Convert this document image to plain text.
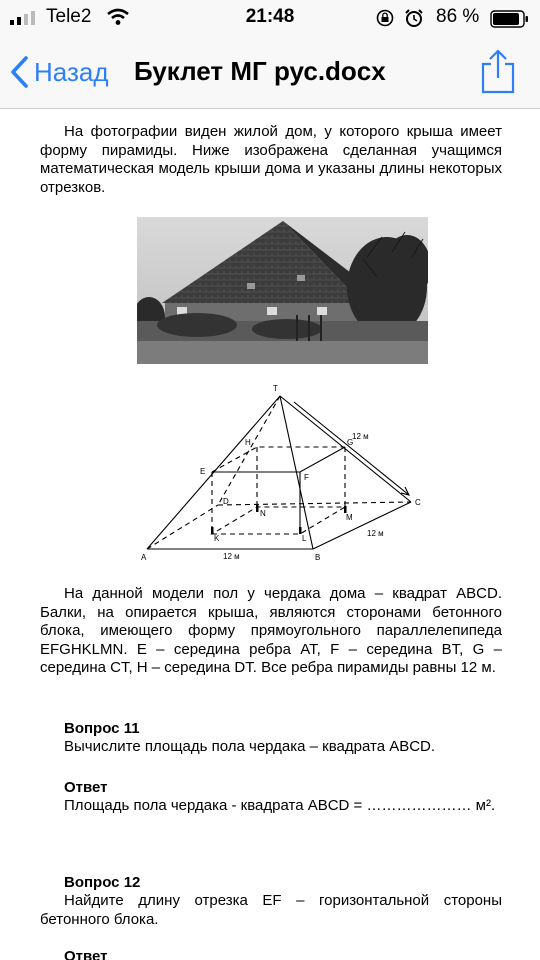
Tele2	21:48	86 %
Назад Буклет МГ рус.docx
На фотографии виден жилой дом, у которого крыша имеет форму пирамиды. Ниже изображена сделанная учащимся математическая модель крыши дома и указаны длины некоторых отрезков.
T
E
H
F
G
D
N	M
K	L
A	B
C
12 м
12 м
12 м
На данной модели пол у чердака дома – квадрат ABCD. Балки, на опирается крыша, являются сторонами бетонного блока, имеющего форму прямоугольного параллелепипеда EFGHKLMN. E – середина ребра AT, F – середина BT, G – середина CT, H – середина DT. Все ребра пирамиды равны 12 м.
Вопрос 11
Вычислите площадь пола чердака – квадрата ABCD.
Ответ
Площадь пола чердака - квадрата ABCD = ………………… м².
Вопрос 12
Найдите длину отрезка EF – горизонтальной стороны бетонного блока.
Ответ
